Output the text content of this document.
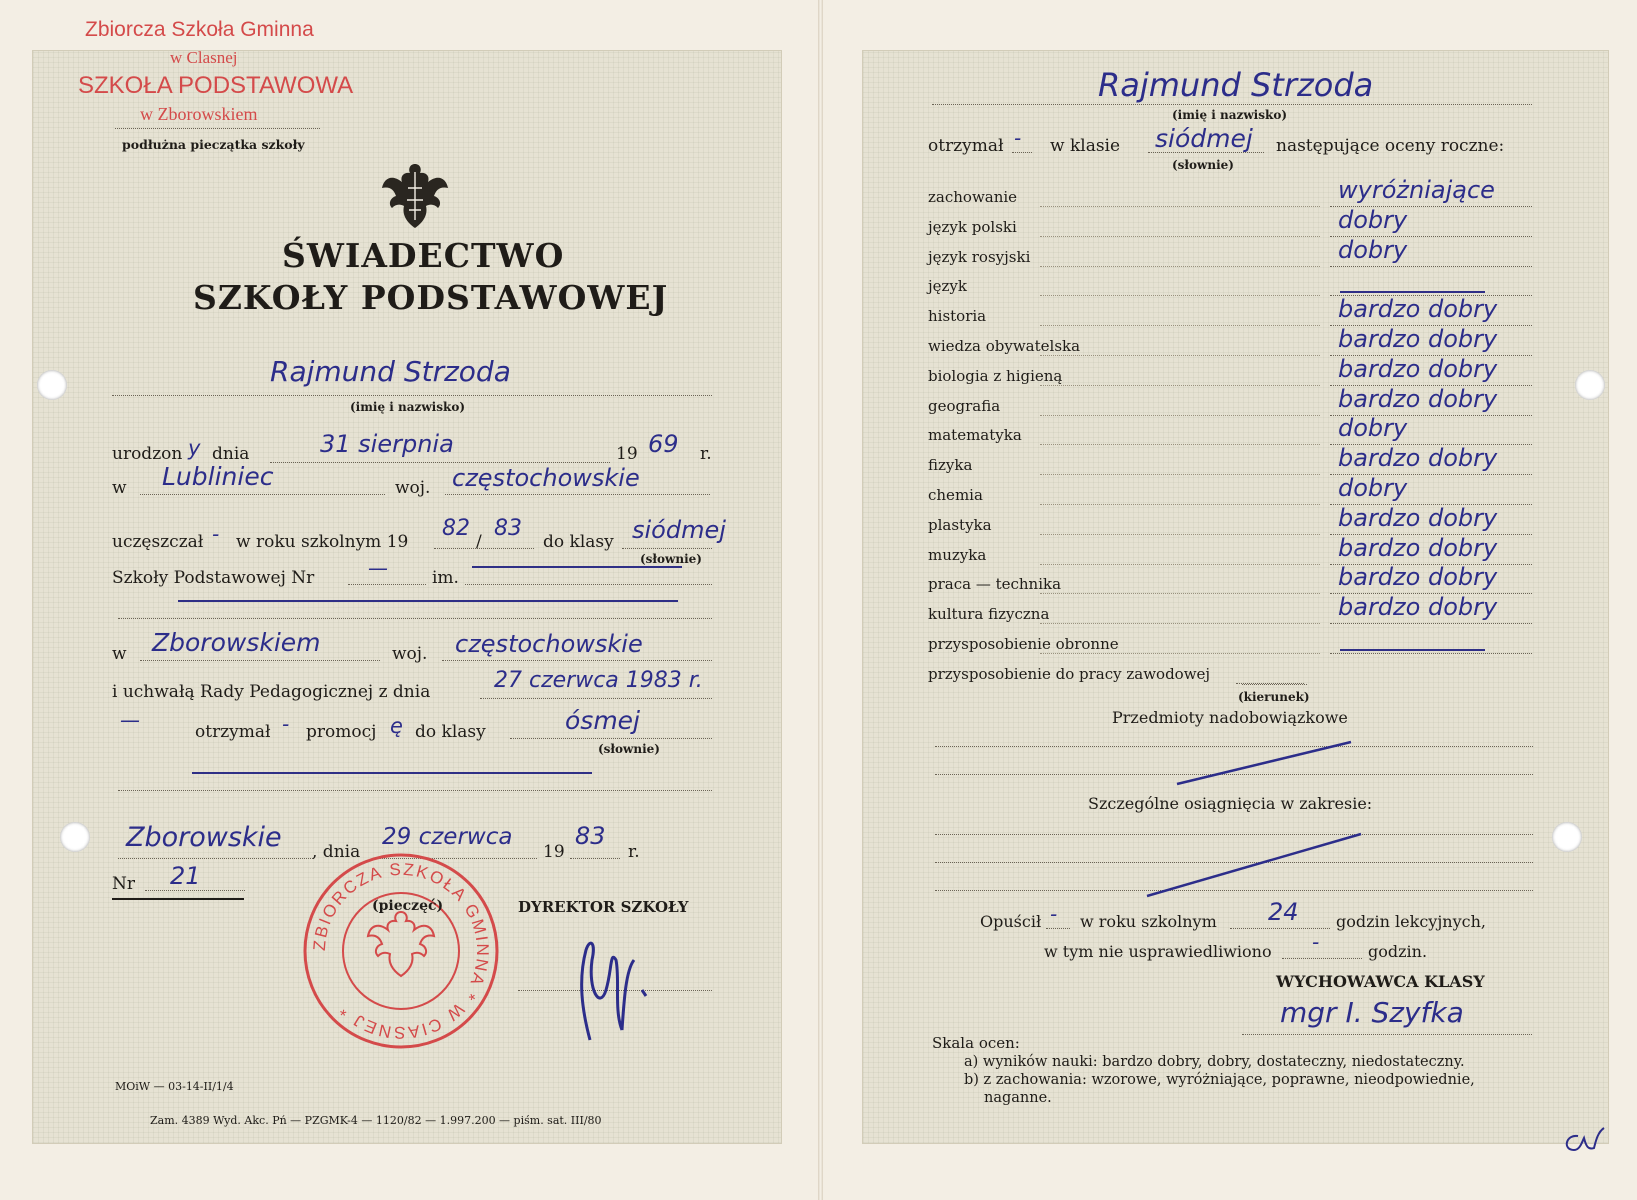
Zbiorcza Szkoła Gminna
w Clasnej
SZKOŁA PODSTAWOWA
w Zborowskiem
podłużna pieczątka szkoły
ŚWIADECTWO
SZKOŁY PODSTAWOWEJ
Rajmund Strzoda
(imię i nazwisko)
urodzon y dnia	31 sierpnia	19 69 r.
w Lubliniec	woj. częstochowskie
uczęszczał - w roku szkolnym 19
82
/
83
do klasy siódmej
(słownie)
Szkoły Podstawowej Nr	—	im.
w Zborowskiem	woj. częstochowskie
i uchwałą Rady Pedagogicznej z dnia	27 czerwca 1983 r.
—	otrzymał - promocj ę do klasy	ósmej
(słownie)
Zborowskie , dnia
29 czerwca
19
83
r.
Nr 21
ZBIORCZA SZKOŁA GMINNA * W CIASNEJ *
(pieczęć)	DYREKTOR SZKOŁY
MOiW — 03-14-II/1/4
Zam. 4389 Wyd. Akc. Pń — PZGMK-4 — 1120/82 — 1.997.200 — piśm. sat. III/80
Rajmund Strzoda
(imię i nazwisko)
otrzymał - w klasie siódmej
(słownie)
następujące oceny roczne:
zachowanie	wyróżniające
język polski	dobry
język rosyjski	dobry
język
historia	bardzo dobry
wiedza obywatelska	bardzo dobry
biologia z higieną	bardzo dobry
geografia	bardzo dobry
matematyka	dobry
fizyka	bardzo dobry
chemia	dobry
plastyka	bardzo dobry
muzyka	bardzo dobry
praca — technika	bardzo dobry
kultura fizyczna	bardzo dobry
przysposobienie obronne
przysposobienie do pracy zawodowej
(kierunek)
Przedmioty nadobowiązkowe
Szczególne osiągnięcia w zakresie:
Opuścił - w roku szkolnym 24 godzin lekcyjnych,
w tym nie usprawiedliwiono -	godzin.
WYCHOWAWCA KLASY
mgr I. Szyfka
Skala ocen:
a) wyników nauki: bardzo dobry, dobry, dostateczny, niedostateczny.
b) z zachowania: wzorowe, wyróżniające, poprawne, nieodpowiednie,
naganne.
